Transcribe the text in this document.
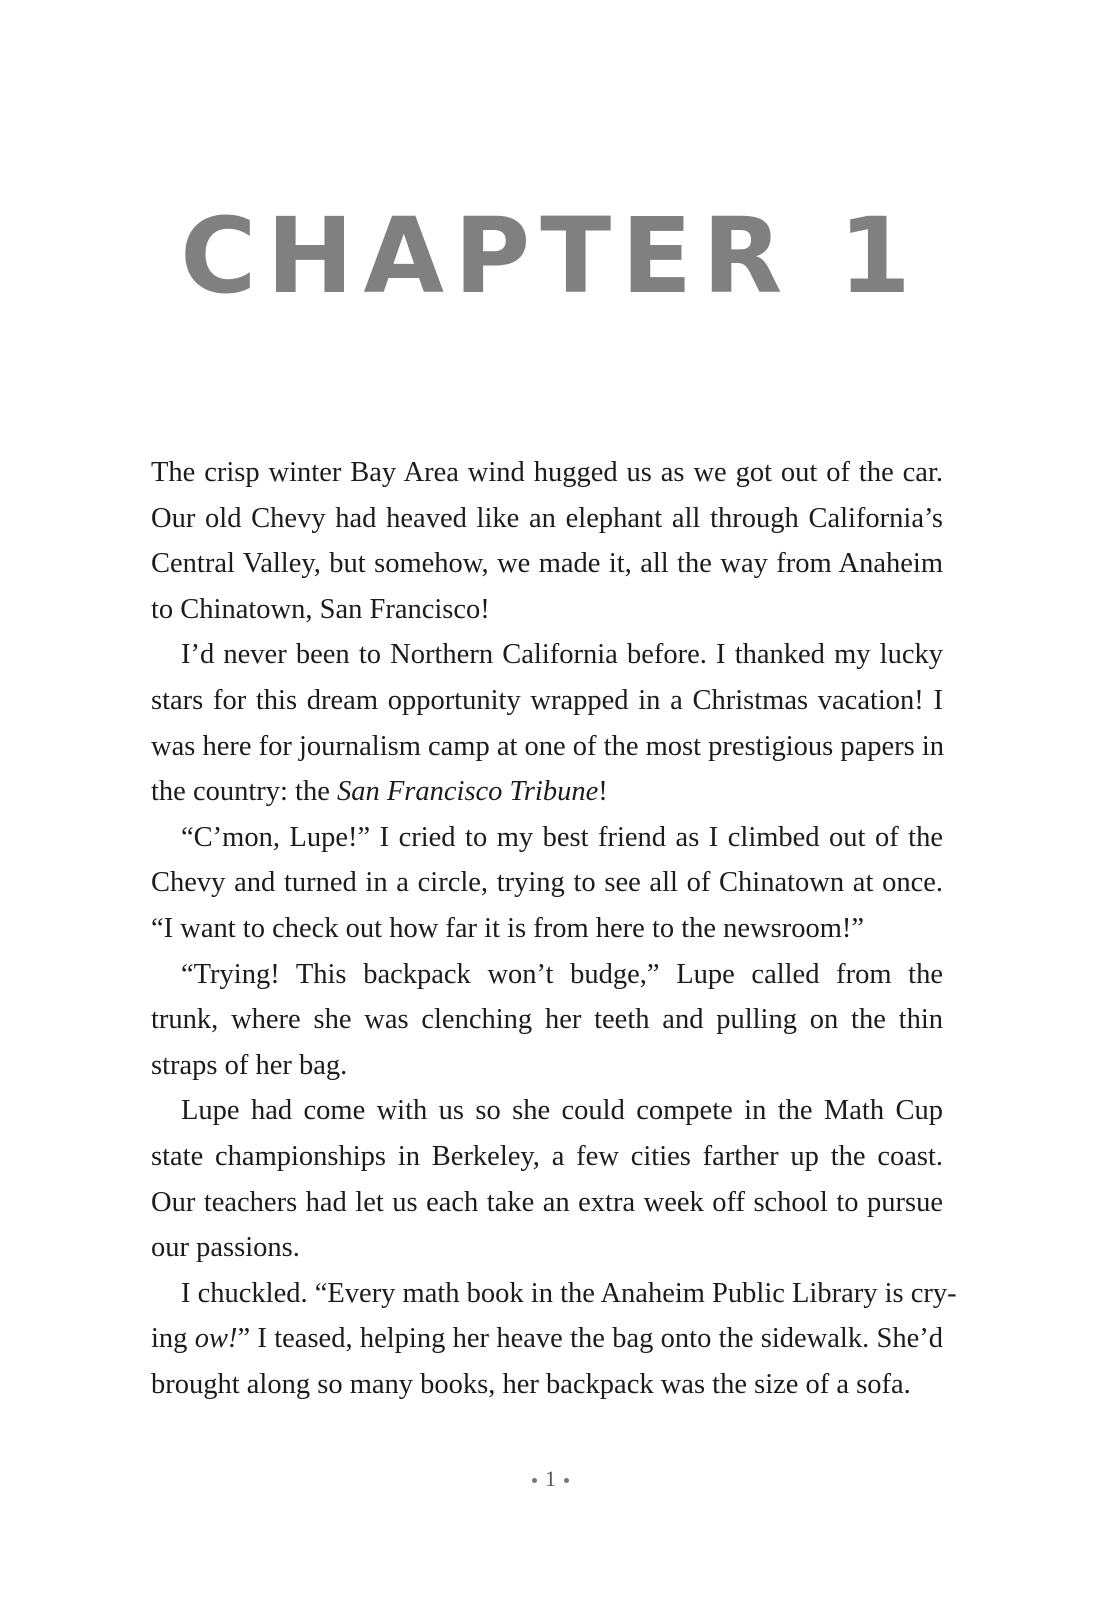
CHAPTER 1
The crisp winter Bay Area wind hugged us as we got out of the car.
Our old Chevy had heaved like an elephant all through California’s
Central Valley, but somehow, we made it, all the way from Anaheim
to Chinatown, San Francisco!
I’d never been to Northern California before. I thanked my lucky
stars for this dream opportunity wrapped in a Christmas vacation! I
was here for journalism camp at one of the most prestigious papers in
the country: the San Francisco Tribune!
“C’mon, Lupe!” I cried to my best friend as I climbed out of the
Chevy and turned in a circle, trying to see all of Chinatown at once.
“I want to check out how far it is from here to the newsroom!”
“Trying! This backpack won’t budge,” Lupe called from the
trunk, where she was clenching her teeth and pulling on the thin
straps of her bag.
Lupe had come with us so she could compete in the Math Cup
state championships in Berkeley, a few cities farther up the coast.
Our teachers had let us each take an extra week off school to pursue
our passions.
I chuckled. “Every math book in the Anaheim Public Library is cry-
ing ow!” I teased, helping her heave the bag onto the sidewalk. She’d
brought along so many books, her backpack was the size of a sofa.
1
